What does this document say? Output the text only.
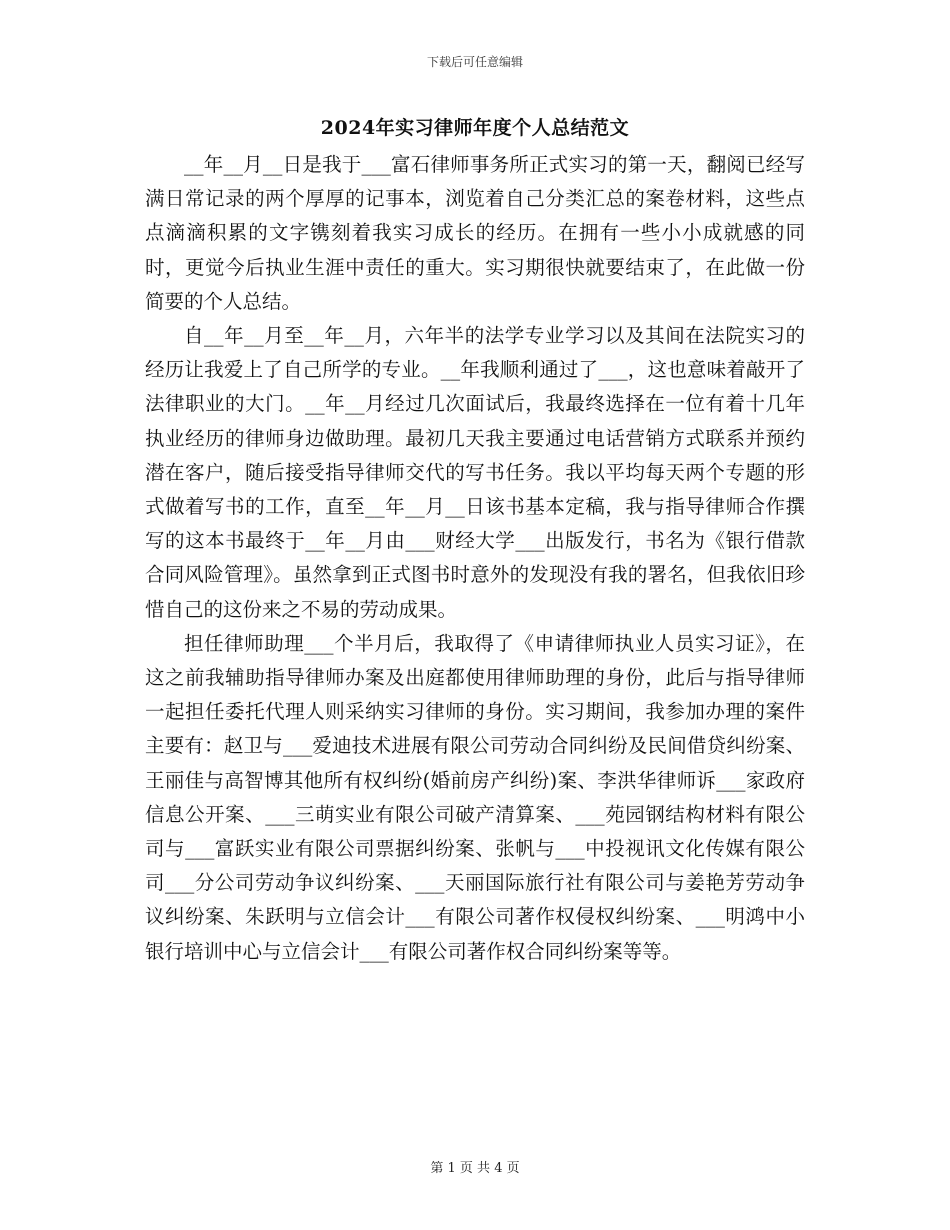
下载后可任意编辑
2024年实习律师年度个人总结范文

__年__月__日是我于___富石律师事务所正式实习的第一天，翻阅已经写满日常记录的两个厚厚的记事本，浏览着自己分类汇总的案卷材料，这些点点滴滴积累的文字镌刻着我实习成长的经历。在拥有一些小小成就感的同时，更觉今后执业生涯中责任的重大。实习期很快就要结束了，在此做一份简要的个人总结。

自__年__月至__年__月，六年半的法学专业学习以及其间在法院实习的经历让我爱上了自己所学的专业。__年我顺利通过了___，这也意味着敲开了法律职业的大门。__年__月经过几次面试后，我最终选择在一位有着十几年执业经历的律师身边做助理。最初几天我主要通过电话营销方式联系并预约潜在客户，随后接受指导律师交代的写书任务。我以平均每天两个专题的形式做着写书的工作，直至__年__月__日该书基本定稿，我与指导律师合作撰写的这本书最终于__年__月由___财经大学___出版发行，书名为《银行借款合同风险管理》。虽然拿到正式图书时意外的发现没有我的署名，但我依旧珍惜自己的这份来之不易的劳动成果。

担任律师助理___个半月后，我取得了《申请律师执业人员实习证》，在这之前我辅助指导律师办案及出庭都使用律师助理的身份，此后与指导律师一起担任委托代理人则采纳实习律师的身份。实习期间，我参加办理的案件主要有：赵卫与___爱迪技术进展有限公司劳动合同纠纷及民间借贷纠纷案、王丽佳与高智博其他所有权纠纷(婚前房产纠纷)案、李洪华律师诉___家政府信息公开案、___三萌实业有限公司破产清算案、___苑园钢结构材料有限公司与___富跃实业有限公司票据纠纷案、张帆与___中投视讯文化传媒有限公司___分公司劳动争议纠纷案、___天丽国际旅行社有限公司与姜艳芳劳动争议纠纷案、朱跃明与立信会计___有限公司著作权侵权纠纷案、___明鸿中小银行培训中心与立信会计___有限公司著作权合同纠纷案等等。

第 1 页 共 4 页
